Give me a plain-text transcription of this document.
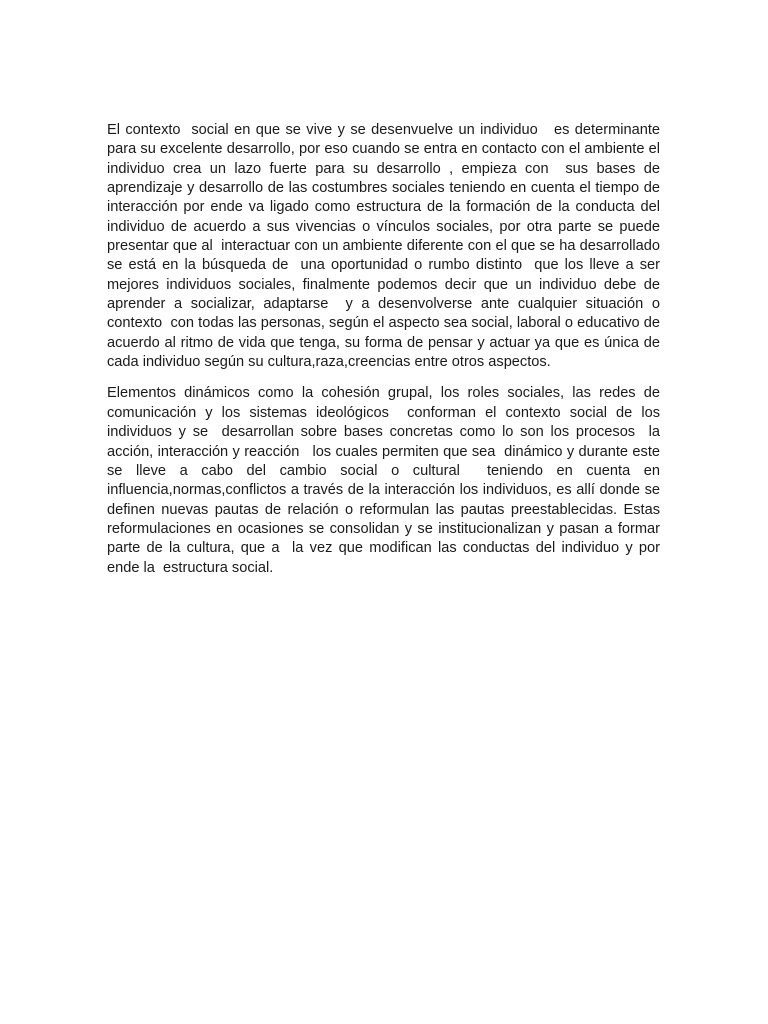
El contexto  social en que se vive y se desenvuelve un individuo   es determinante para su excelente desarrollo, por eso cuando se entra en contacto con el ambiente el individuo crea un lazo fuerte para su desarrollo , empieza con  sus bases de aprendizaje y desarrollo de las costumbres sociales teniendo en cuenta el tiempo de interacción por ende va ligado como estructura de la formación de la conducta del individuo de acuerdo a sus vivencias o vínculos sociales, por otra parte se puede presentar que al  interactuar con un ambiente diferente con el que se ha desarrollado se está en la búsqueda de  una oportunidad o rumbo distinto  que los lleve a ser mejores individuos sociales, finalmente podemos decir que un individuo debe de aprender a socializar, adaptarse  y a desenvolverse ante cualquier situación o contexto  con todas las personas, según el aspecto sea social, laboral o educativo de acuerdo al ritmo de vida que tenga, su forma de pensar y actuar ya que es única de cada individuo según su cultura,raza,creencias entre otros aspectos.

Elementos dinámicos como la cohesión grupal, los roles sociales, las redes de comunicación y los sistemas ideológicos  conforman el contexto social de los individuos y se  desarrollan sobre bases concretas como lo son los procesos  la acción, interacción y reacción   los cuales permiten que sea  dinámico y durante este se lleve a cabo del cambio social o cultural  teniendo en cuenta en influencia,normas,conflictos a través de la interacción los individuos, es allí donde se  definen nuevas pautas de relación o reformulan las pautas preestablecidas. Estas reformulaciones en ocasiones se consolidan y se institucionalizan y pasan a formar parte de la cultura, que a  la vez que modifican las conductas del individuo y por ende la  estructura social.
